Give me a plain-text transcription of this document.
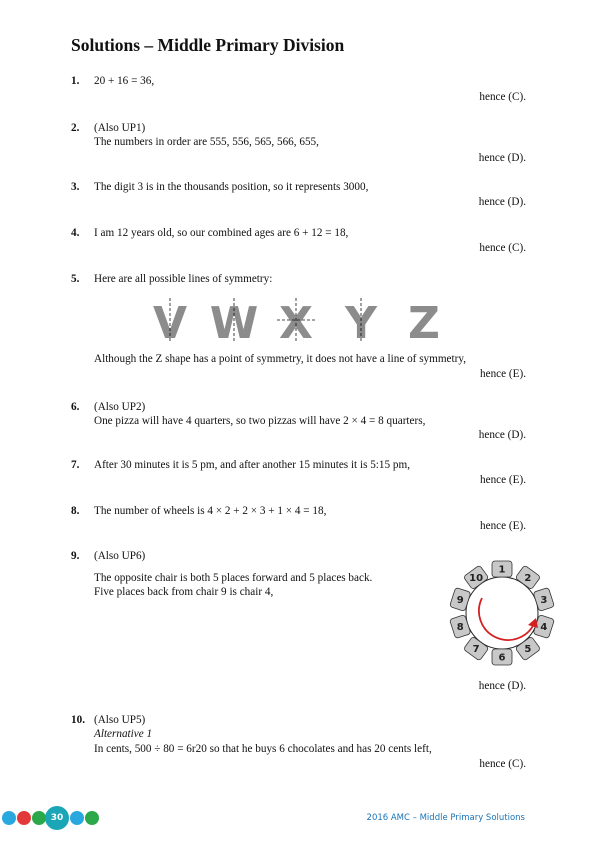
Solutions – Middle Primary Division
1. 20 + 16 = 36,
hence (C).
2. (Also UP1)
The numbers in order are 555, 556, 565, 566, 655,
hence (D).
3. The digit 3 is in the thousands position, so it represents 3000,
hence (D).
4. I am 12 years old, so our combined ages are 6 + 12 = 18,
hence (C).
5. Here are all possible lines of symmetry:
Although the Z shape has a point of symmetry, it does not have a line of symmetry,
hence (E).
V W X Y Z
6. (Also UP2)
One pizza will have 4 quarters, so two pizzas will have 2 × 4 = 8 quarters,
hence (D).
7. After 30 minutes it is 5 pm, and after another 15 minutes it is 5:15 pm,
hence (E).
8. The number of wheels is 4 × 2 + 2 × 3 + 1 × 4 = 18,
hence (E).
9. (Also UP6)
The opposite chair is both 5 places forward and 5 places back.
Five places back from chair 9 is chair 4,
hence (D).
1
2
3
4
5
6
7
8
9
10
10. (Also UP5)
Alternative 1
In cents, 500 ÷ 80 = 6r20 so that he buys 6 chocolates and has 20 cents left,
hence (C).
30	2016 AMC – Middle Primary Solutions
